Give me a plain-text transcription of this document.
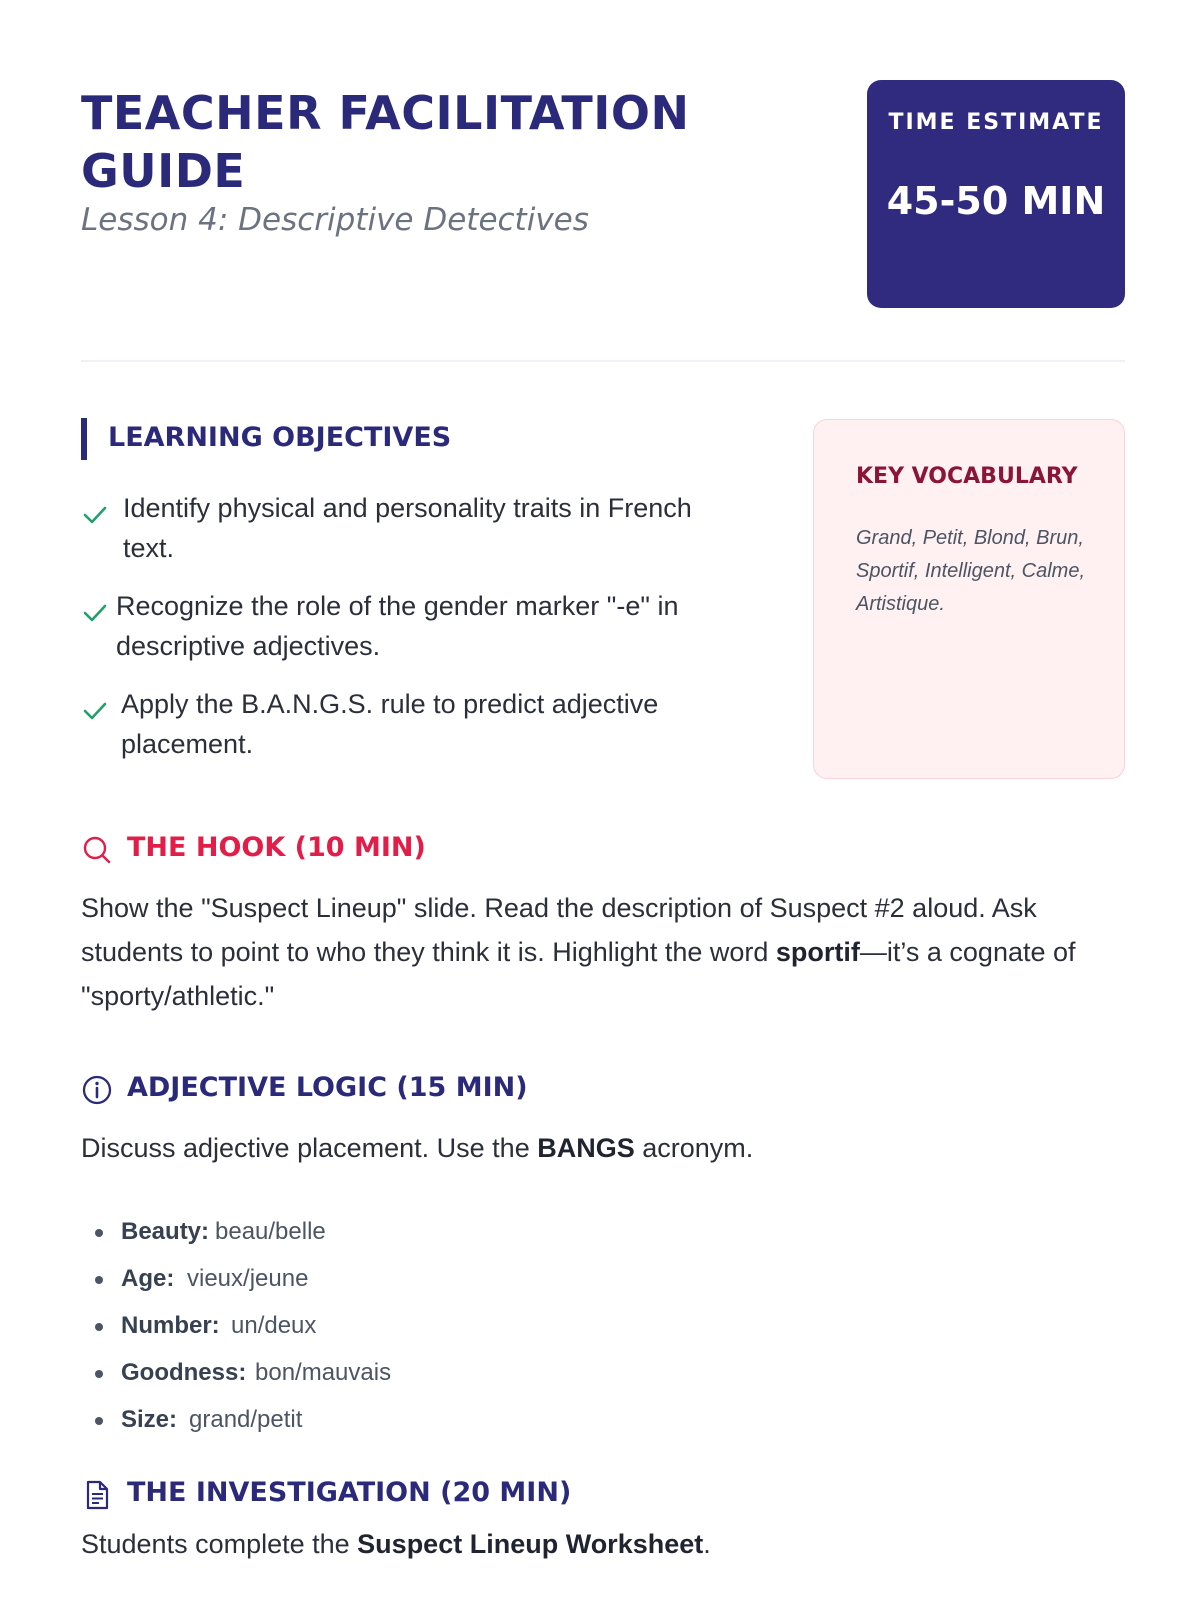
TEACHER FACILITATION GUIDE
Lesson 4: Descriptive Detectives
TIME ESTIMATE
45-50 MIN
LEARNING OBJECTIVES
Identify physical and personality traits in French text.
Recognize the role of the gender marker "-e" in descriptive adjectives.
Apply the B.A.N.G.S. rule to predict adjective placement.
KEY VOCABULARY
Grand, Petit, Blond, Brun, Sportif, Intelligent, Calme, Artistique.
THE HOOK (10 MIN)

Show the "Suspect Lineup" slide. Read the description of Suspect #2 aloud. Ask students to point to who they think it is. Highlight the word sportif—it’s a cognate of "sporty/athletic."

ADJECTIVE LOGIC (15 MIN)

Discuss adjective placement. Use the BANGS acronym.

Beauty: beau/belle
Age: vieux/jeune
Number: un/deux
Goodness: bon/mauvais
Size: grand/petit
THE INVESTIGATION (20 MIN)

Students complete the Suspect Lineup Worksheet.
